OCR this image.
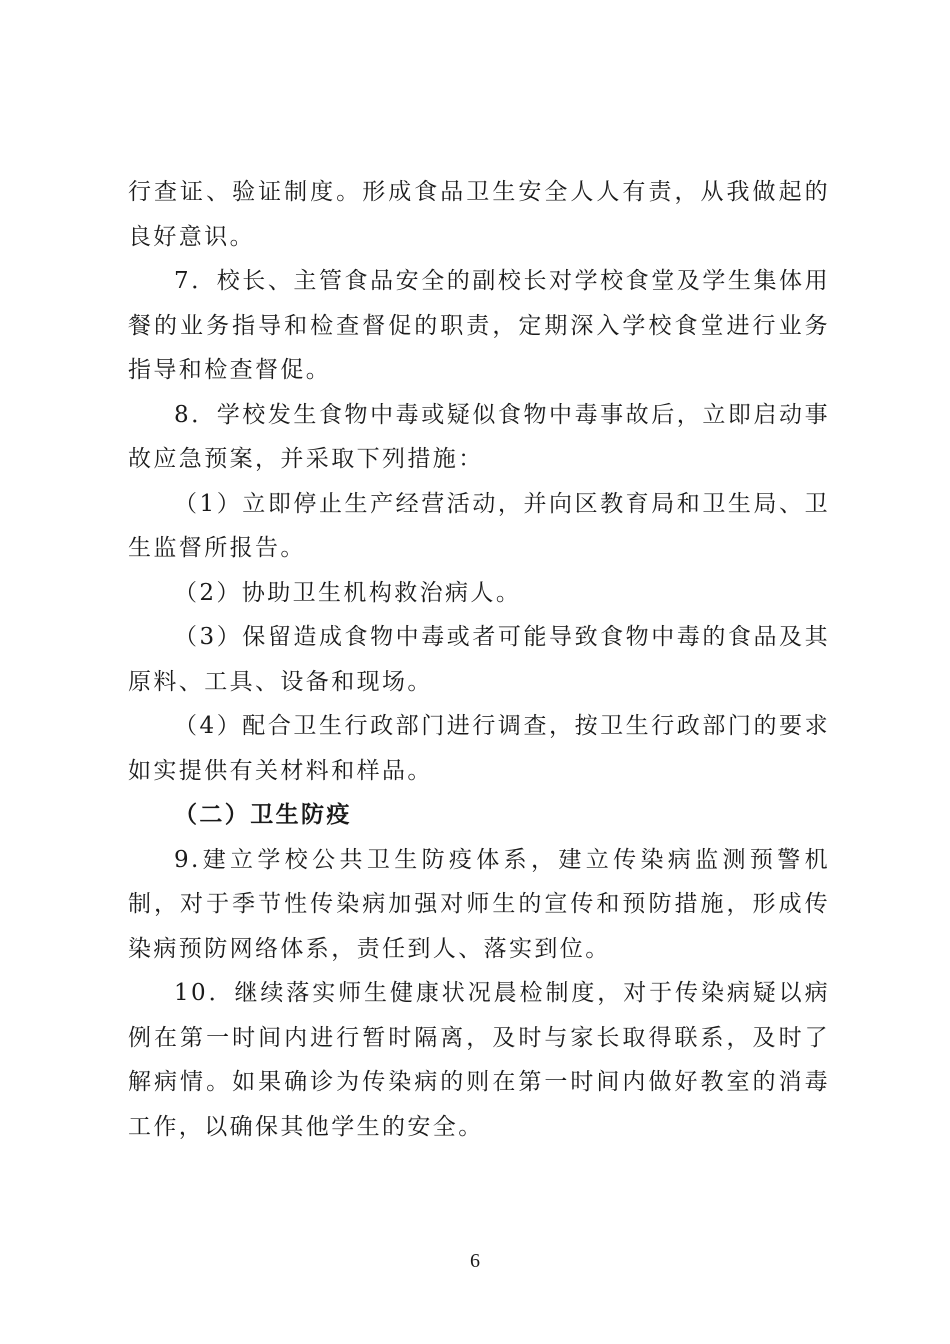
行查证、验证制度。形成食品卫生安全人人有责，从我做起的良好意识。

7．校长、主管食品安全的副校长对学校食堂及学生集体用餐的业务指导和检查督促的职责，定期深入学校食堂进行业务指导和检查督促。

8．学校发生食物中毒或疑似食物中毒事故后，立即启动事故应急预案，并采取下列措施：

（1）立即停止生产经营活动，并向区教育局和卫生局、卫生监督所报告。

（2）协助卫生机构救治病人。

（3）保留造成食物中毒或者可能导致食物中毒的食品及其原料、工具、设备和现场。

（4）配合卫生行政部门进行调查，按卫生行政部门的要求如实提供有关材料和样品。

（二）卫生防疫

9.建立学校公共卫生防疫体系，建立传染病监测预警机制，对于季节性传染病加强对师生的宣传和预防措施，形成传染病预防网络体系，责任到人、落实到位。

10．继续落实师生健康状况晨检制度，对于传染病疑以病例在第一时间内进行暂时隔离，及时与家长取得联系，及时了解病情。如果确诊为传染病的则在第一时间内做好教室的消毒工作，以确保其他学生的安全。

6
